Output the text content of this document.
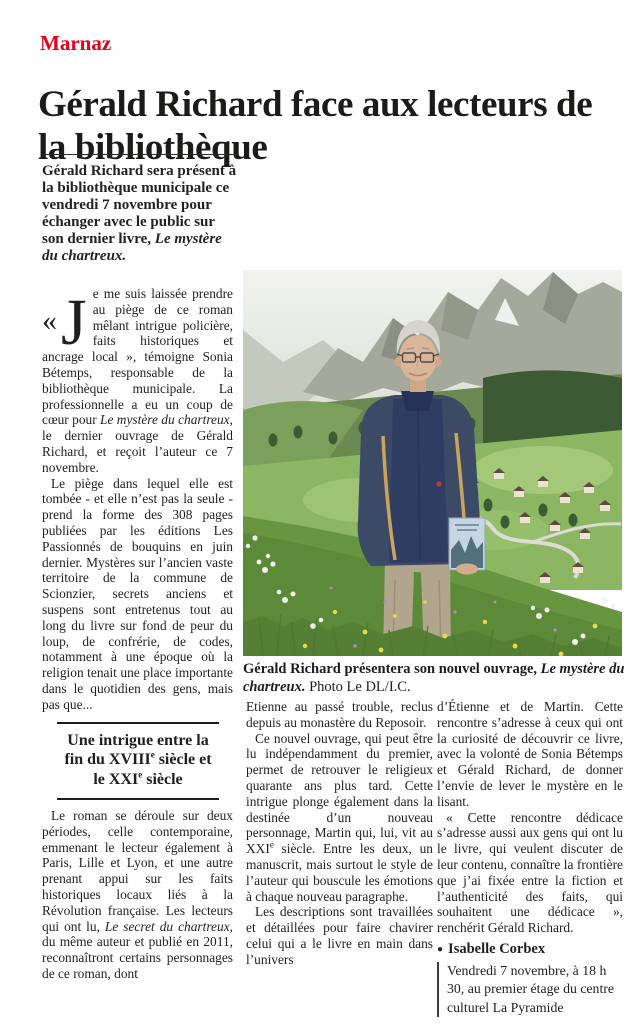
Marnaz
Gérald Richard face aux lecteurs de la bibliothèque
Gérald Richard sera présent à la bibliothèque municipale ce vendredi 7 novembre pour échanger avec le public sur son dernier livre, Le mystère du chartreux.
Gérald Richard présentera son nouvel ouvrage, Le mystère du chartreux. Photo Le DL/I.C.

« J e me suis laissée prendre au piège de ce roman mêlant intrigue policière, faits historiques et ancrage local », témoigne Sonia Bétemps, responsable de la bibliothèque municipale. La professionnelle a eu un coup de cœur pour Le mystère du chartreux, le dernier ouvrage de Gérald Richard, et reçoit l’auteur ce 7 novembre.

Le piège dans lequel elle est tombée - et elle n’est pas la seule - prend la forme des 308 pages publiées par les éditions Les Passionnés de bouquins en juin dernier. Mystères sur l’ancien vaste territoire de la commune de Scionzier, secrets anciens et suspens sont entretenus tout au long du livre sur fond de peur du loup, de confrérie, de codes, notamment à une époque où la religion tenait une place importante dans le quotidien des gens, mais pas que...

Une intrigue entre la fin du XVIIIe siècle et le XXIe siècle

Le roman se déroule sur deux périodes, celle contemporaine, emmenant le lecteur également à Paris, Lille et Lyon, et une autre prenant appui sur les faits historiques locaux liés à la Révolution française. Les lecteurs qui ont lu, Le secret du chartreux, du même auteur et publié en 2011, reconnaîtront certains personnages de ce roman, dont

Etienne au passé trouble, reclus depuis au monastère du Reposoir.

Ce nouvel ouvrage, qui peut être lu indépendamment du premier, permet de retrouver le religieux quarante ans plus tard. Cette intrigue plonge également dans la destinée d’un nouveau personnage, Martin qui, lui, vit au XXIe siècle. Entre les deux, un manuscrit, mais surtout le style de l’auteur qui bouscule les émotions à chaque nouveau paragraphe.

Les descriptions sont travaillées et détaillées pour faire chavirer celui qui a le livre en main dans l’univers

d’Étienne et de Martin. Cette rencontre s’adresse à ceux qui ont la curiosité de découvrir ce livre, avec la volonté de Sonia Bétemps et Gérald Richard, de donner l’envie de lever le mystère en le lisant.

« Cette rencontre dédicace s’adresse aussi aux gens qui ont lu le livre, qui veulent discuter de leur contenu, connaître la frontière que j’ai fixée entre la fiction et l’authenticité des faits, qui souhaitent une dédicace », renchérit Gérald Richard.

● Isabelle Corbex
Vendredi 7 novembre, à 18 h 30, au premier étage du centre culturel La Pyramide
